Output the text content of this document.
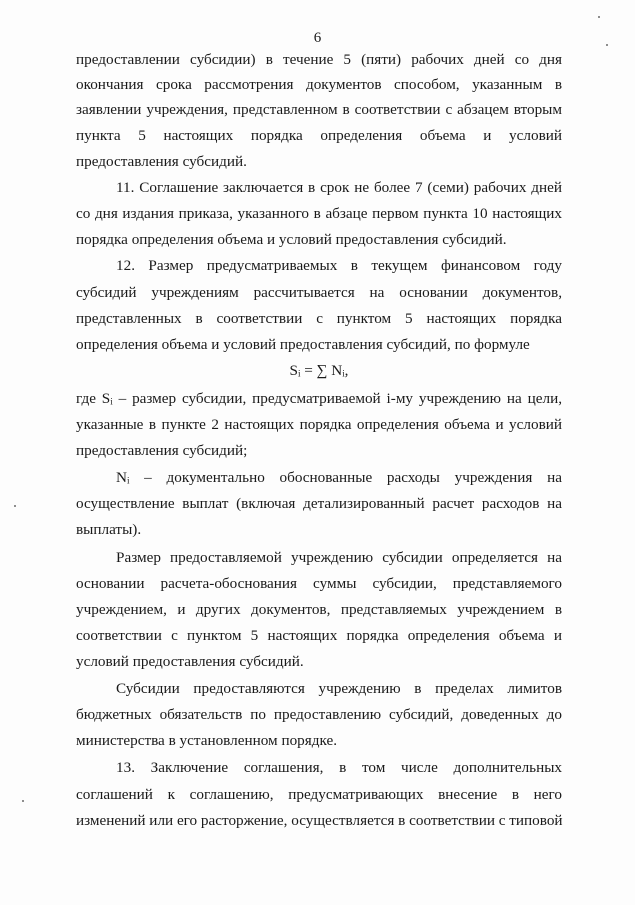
6
предоставлении субсидии) в течение 5 (пяти) рабочих дней со дня
окончания срока рассмотрения документов способом, указанным в
заявлении учреждения, представленном в соответствии с абзацем вторым
пункта 5 настоящих порядка определения объема и условий
предоставления субсидий.
11. Соглашение заключается в срок не более 7 (семи) рабочих дней
со дня издания приказа, указанного в абзаце первом пункта 10 настоящих
порядка определения объема и условий предоставления субсидий.
12. Размер предусматриваемых в текущем финансовом году
субсидий учреждениям рассчитывается на основании документов,
представленных в соответствии с пунктом 5 настоящих порядка
определения объема и условий предоставления субсидий, по формуле
Sᵢ = ∑ Nᵢ,
где Sᵢ – размер субсидии, предусматриваемой i-му учреждению на цели,
указанные в пункте 2 настоящих порядка определения объема и условий
предоставления субсидий;
Nᵢ – документально обоснованные расходы учреждения на
осуществление выплат (включая детализированный расчет расходов на
выплаты).
Размер предоставляемой учреждению субсидии определяется на
основании расчета-обоснования суммы субсидии, представляемого
учреждением, и других документов, представляемых учреждением в
соответствии с пунктом 5 настоящих порядка определения объема и
условий предоставления субсидий.
Субсидии предоставляются учреждению в пределах лимитов
бюджетных обязательств по предоставлению субсидий, доведенных до
министерства в установленном порядке.
13. Заключение соглашения, в том числе дополнительных
соглашений к соглашению, предусматривающих внесение в него
изменений или его расторжение, осуществляется в соответствии с типовой
